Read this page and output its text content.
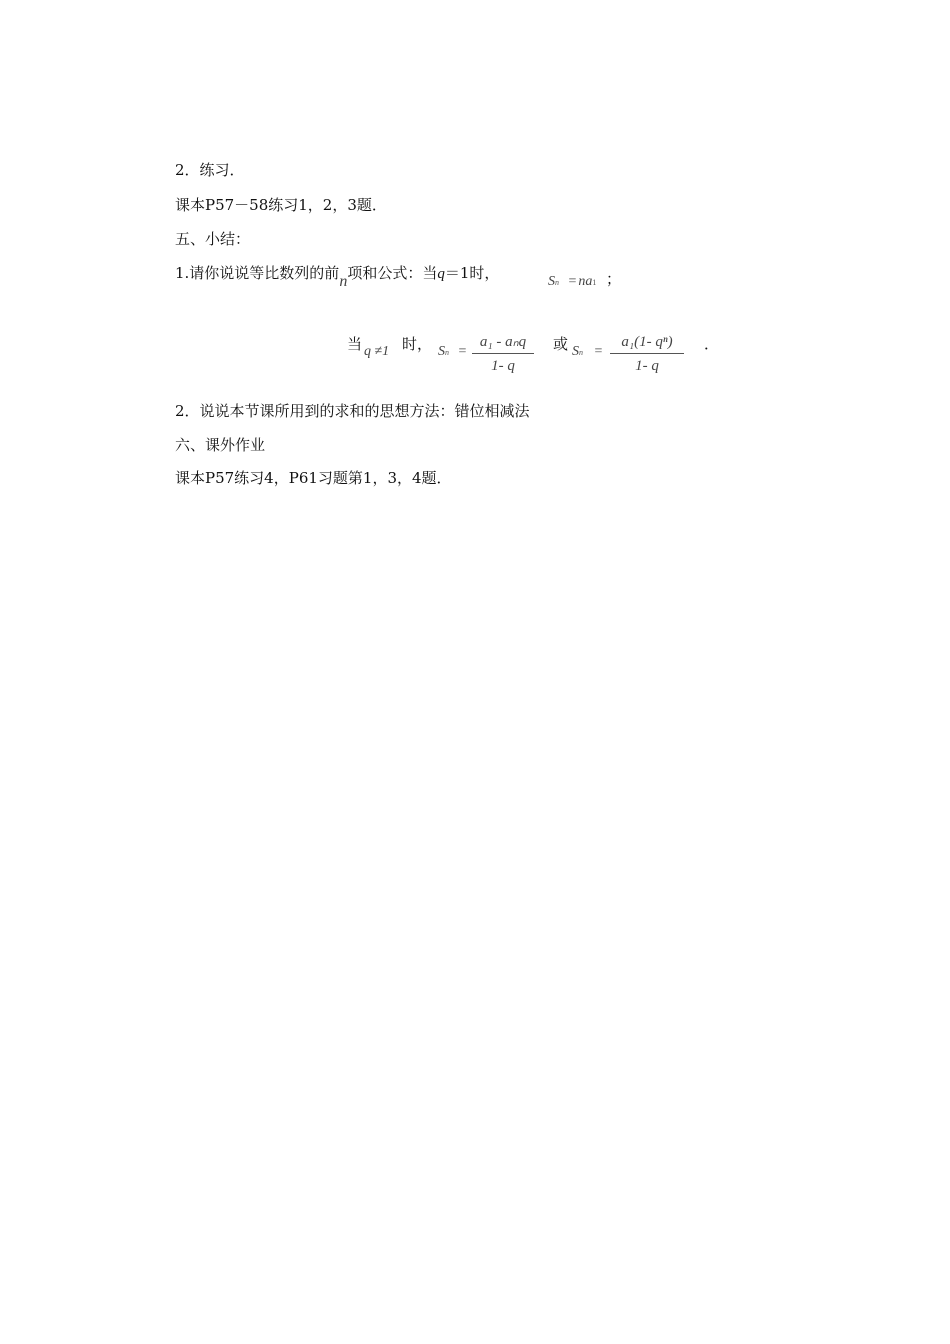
2．练习．
课本P57－58练习1，2，3题．
五、小结：
1.请你说说等比数列的前n项和公式：当q＝1时，	Sn = na1 ；
当 q ≠1 时， Sn =
a₁ - aₙq
1- q
或 $Sn = \frac{\text{a₁(1- qⁿ)}}{1- q}$ ．
2．说说本节课所用到的求和的思想方法：错位相减法
六、课外作业
课本P57练习4，P61习题第1，3，4题．
